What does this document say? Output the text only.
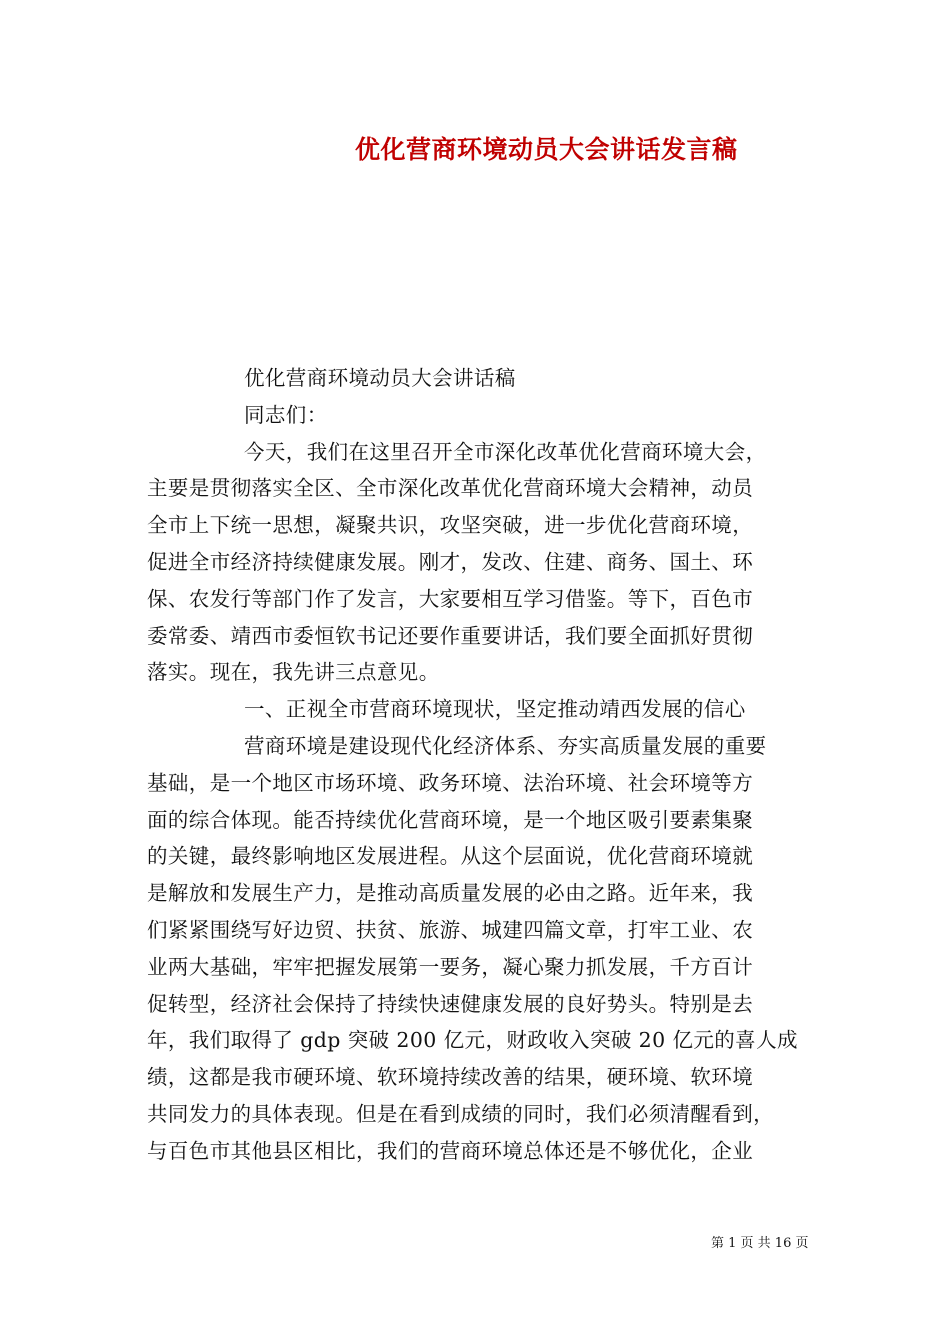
优化营商环境动员大会讲话发言稿
优化营商环境动员大会讲话稿
同志们：
今天，我们在这里召开全市深化改革优化营商环境大会，
主要是贯彻落实全区、全市深化改革优化营商环境大会精神，动员
全市上下统一思想，凝聚共识，攻坚突破，进一步优化营商环境，
促进全市经济持续健康发展。刚才，发改、住建、商务、国土、环
保、农发行等部门作了发言，大家要相互学习借鉴。等下，百色市
委常委、靖西市委恒钦书记还要作重要讲话，我们要全面抓好贯彻
落实。现在，我先讲三点意见。
一、正视全市营商环境现状，坚定推动靖西发展的信心
营商环境是建设现代化经济体系、夯实高质量发展的重要
基础，是一个地区市场环境、政务环境、法治环境、社会环境等方
面的综合体现。能否持续优化营商环境，是一个地区吸引要素集聚
的关键，最终影响地区发展进程。从这个层面说，优化营商环境就
是解放和发展生产力，是推动高质量发展的必由之路。近年来，我
们紧紧围绕写好边贸、扶贫、旅游、城建四篇文章，打牢工业、农
业两大基础，牢牢把握发展第一要务，凝心聚力抓发展，千方百计
促转型，经济社会保持了持续快速健康发展的良好势头。特别是去
年，我们取得了 gdp 突破 200 亿元，财政收入突破 20 亿元的喜人成
绩，这都是我市硬环境、软环境持续改善的结果，硬环境、软环境
共同发力的具体表现。但是在看到成绩的同时，我们必须清醒看到，
与百色市其他县区相比，我们的营商环境总体还是不够优化，企业
第 1 页 共 16 页
